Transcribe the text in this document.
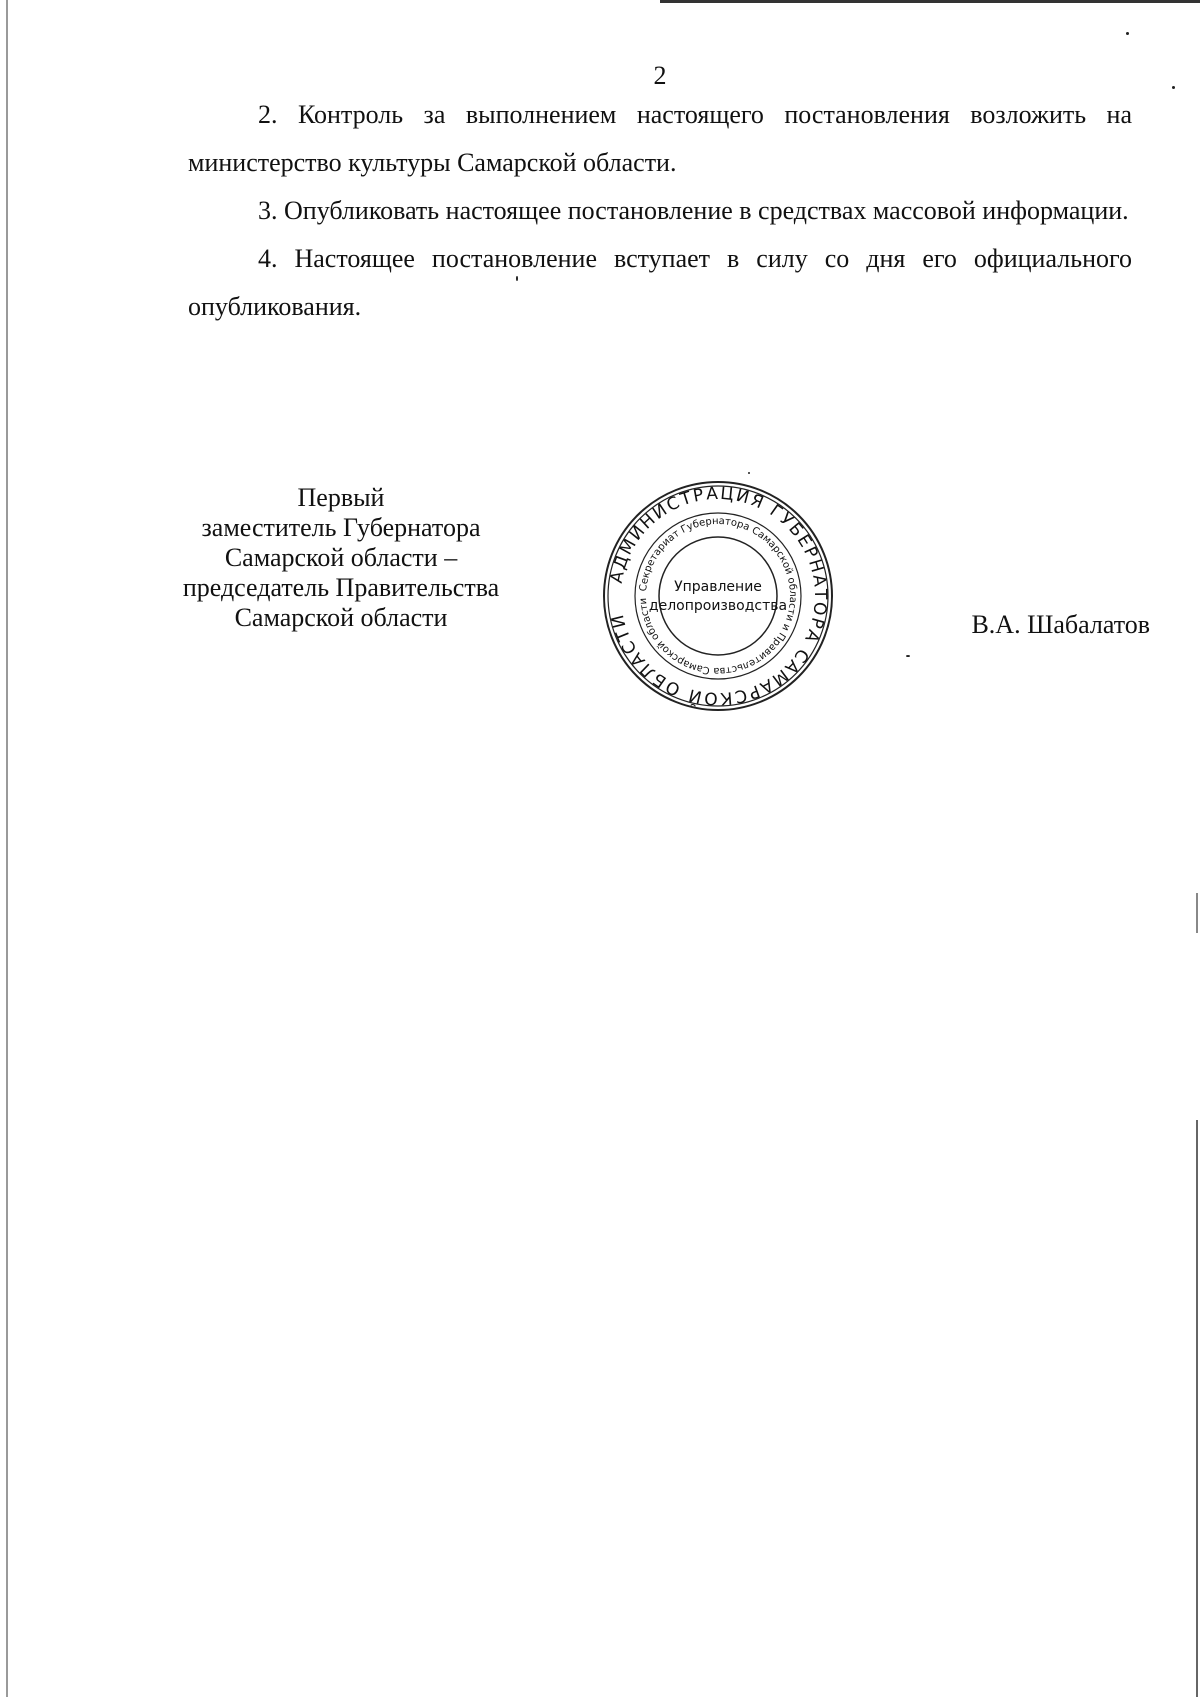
2

2. Контроль за выполнением настоящего постановления возложить на министерство культуры Самарской области.

3. Опубликовать настоящее постановление в средствах массовой информации.

4. Настоящее постановление вступает в силу со дня его официального опубликования.

Первый
заместитель Губернатора
Самарской области –
председатель Правительства
Самарской области
АДМИНИСТРАЦИЯ ГУБЕРНАТОРА САМАРСКОЙ ОБЛАСТИ
Секретариат Губернатора Самарской области и Правительства Самарской области
Управление
делопроизводства
В.А. Шабалатов
